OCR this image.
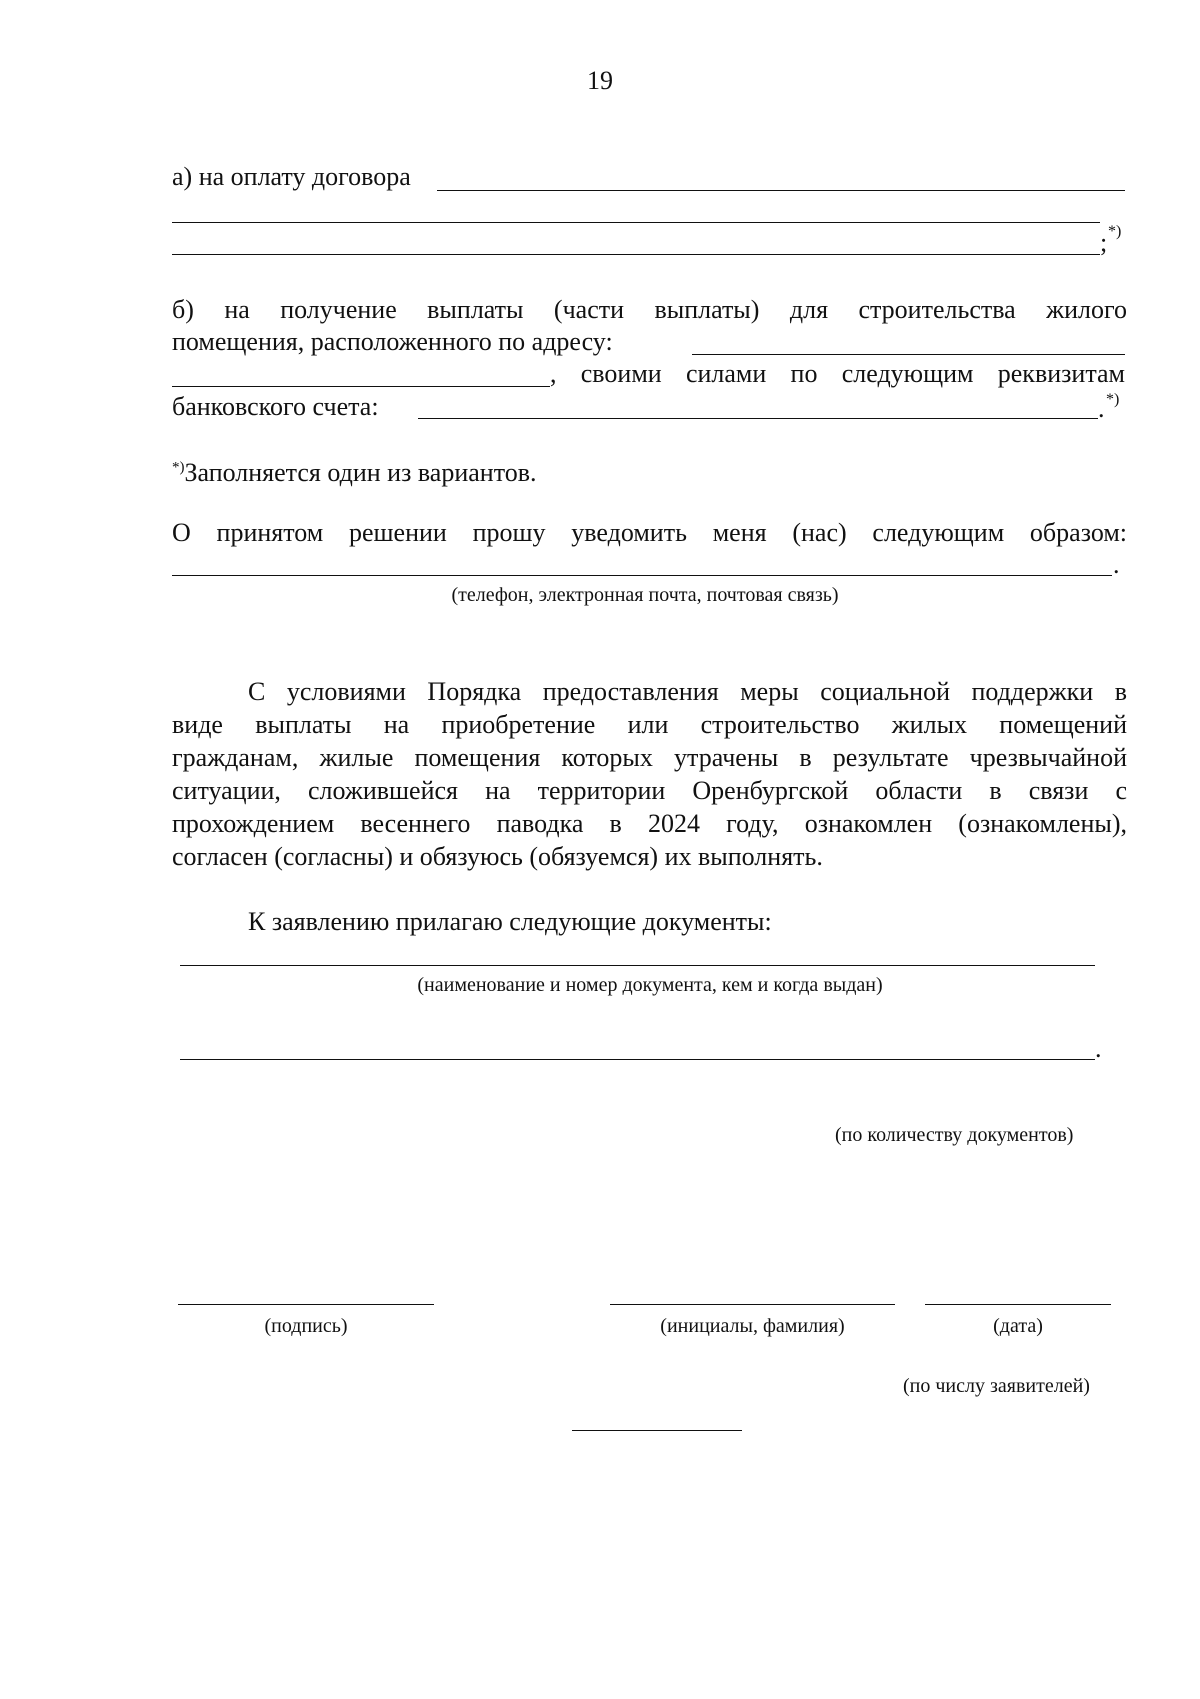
19
а) на оплату договора
; *)
б) на получение выплаты (части выплаты) для строительства жилого
помещения, расположенного по адресу:
, своими силами по следующим реквизитам
банковского счета:	. *)
*)Заполняется один из вариантов.
О принятом решении прошу уведомить меня (нас) следующим образом:
.
(телефон, электронная почта, почтовая связь)
С условиями Порядка предоставления меры социальной поддержки в
виде выплаты на приобретение или строительство жилых помещений
гражданам, жилые помещения которых утрачены в результате чрезвычайной
ситуации, сложившейся на территории Оренбургской области в связи с
прохождением весеннего паводка в 2024 году, ознакомлен (ознакомлены),
согласен (согласны) и обязуюсь (обязуемся) их выполнять.
К заявлению прилагаю следующие документы:
(наименование и номер документа, кем и когда выдан)
.
(по количеству документов)
(подпись)	(инициалы, фамилия)	(дата)
(по числу заявителей)
